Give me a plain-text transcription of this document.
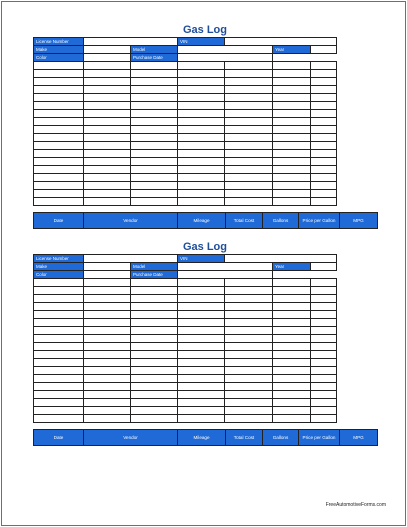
Gas Log
License Number			VIN			
Make		Model			Year	
Color		Purchase Date				

Date	Vendor	Mileage	Total Cost	Gallons	Price per Gallon	MPG
Gas Log
License Number			VIN			
Make		Model			Year	
Color		Purchase Date				

Date	Vendor	Mileage	Total Cost	Gallons	Price per Gallon	MPG
FreeAutomotiveForms.com
